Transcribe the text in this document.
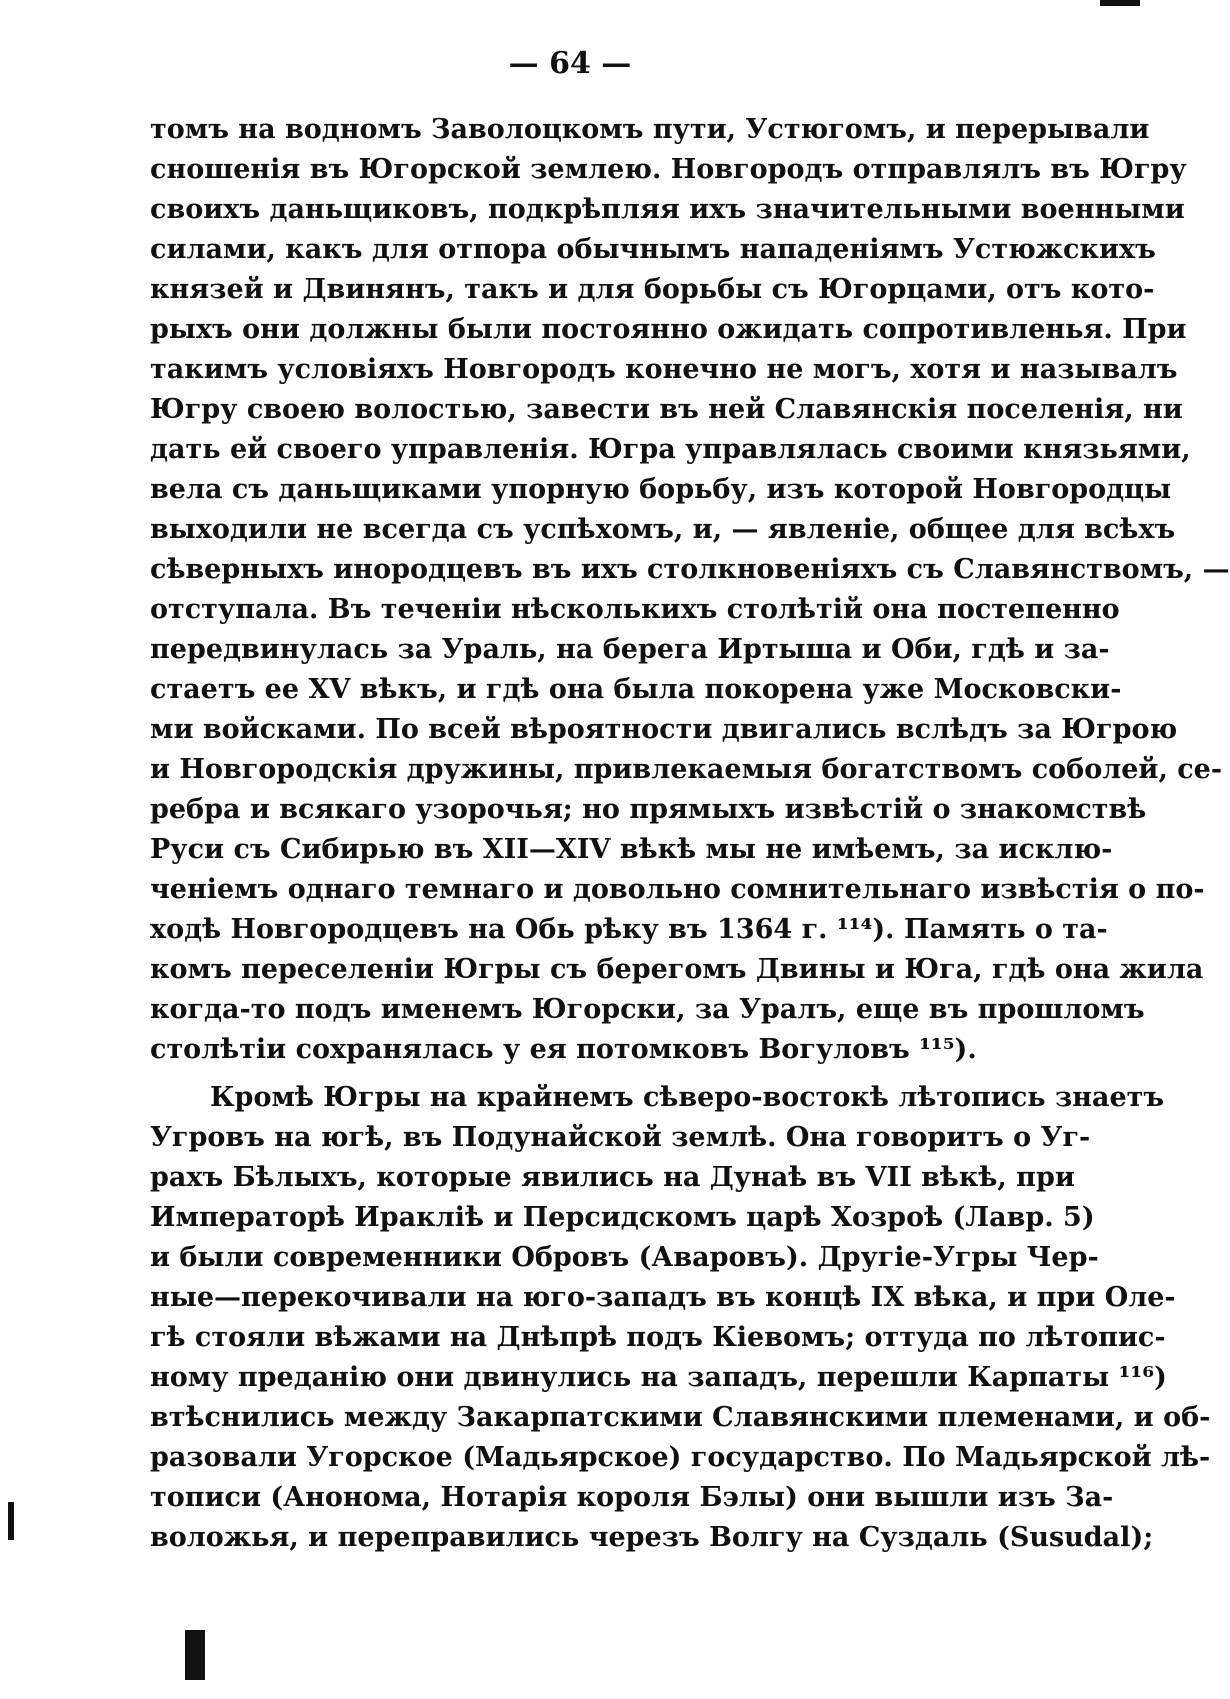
— 64 —
томъ на водномъ Заволоцкомъ пути, Устюгомъ, и перерывали
сношенія въ Югорской землею. Новгородъ отправлялъ въ Югру
своихъ даньщиковъ, подкрѣпляя ихъ значительными военными
силами, какъ для отпора обычнымъ нападеніямъ Устюжскихъ
князей и Двинянъ, такъ и для борьбы съ Югорцами, отъ кото-
рыхъ они должны были постоянно ожидать сопротивленья. При
такимъ условіяхъ Новгородъ конечно не могъ, хотя и называлъ
Югру своею волостью, завести въ ней Славянскія поселенія, ни
дать ей своего управленія. Югра управлялась своими князьями,
вела съ даньщиками упорную борьбу, изъ которой Новгородцы
выходили не всегда съ успѣхомъ, и, — явленіе, общее для всѣхъ
сѣверныхъ инородцевъ въ ихъ столкновеніяхъ съ Славянствомъ, —
отступала. Въ теченіи нѣсколькихъ столѣтій она постепенно
передвинулась за Ураль, на берега Иртыша и Оби, гдѣ и за-
стаетъ ее XV вѣкъ, и гдѣ она была покорена уже Московски-
ми войсками. По всей вѣроятности двигались вслѣдъ за Югрою
и Новгородскія дружины, привлекаемыя богатствомъ соболей, се-
ребра и всякаго узорочья; но прямыхъ извѣстій о знакомствѣ
Руси съ Сибирью въ XII—XIV вѣкѣ мы не имѣемъ, за исклю-
ченіемъ однаго темнаго и довольно сомнительнаго извѣстія о по-
ходѣ Новгородцевъ на Обь рѣку въ 1364 г. ¹¹⁴). Память о та-
комъ переселеніи Югры съ берегомъ Двины и Юга, гдѣ она жила
когда-то подъ именемъ Югорски, за Уралъ, еще въ прошломъ
столѣтіи сохранялась у ея потомковъ Вогуловъ ¹¹⁵).
Кромѣ Югры на крайнемъ сѣверо-востокѣ лѣтопись знаетъ
Угровъ на югѣ, въ Подунайской землѣ. Она говоритъ о Уг-
рахъ Бѣлыхъ, которые явились на Дунаѣ въ VII вѣкѣ, при
Императорѣ Иракліѣ и Персидскомъ царѣ Хозроѣ (Лавр. 5)
и были современники Обровъ (Аваровъ). Другіе-Угры Чер-
ные—перекочивали на юго-западъ въ концѣ IX вѣка, и при Оле-
гѣ стояли вѣжами на Днѣпрѣ подъ Кіевомъ; оттуда по лѣтопис-
ному преданію они двинулись на западъ, перешли Карпаты ¹¹⁶)
втѣснились между Закарпатскими Славянскими племенами, и об-
разовали Угорское (Мадьярское) государство. По Мадьярской лѣ-
тописи (Анонома, Нотарія короля Бэлы) они вышли изъ За-
воложья, и переправились черезъ Волгу на Суздаль (Susudal);
